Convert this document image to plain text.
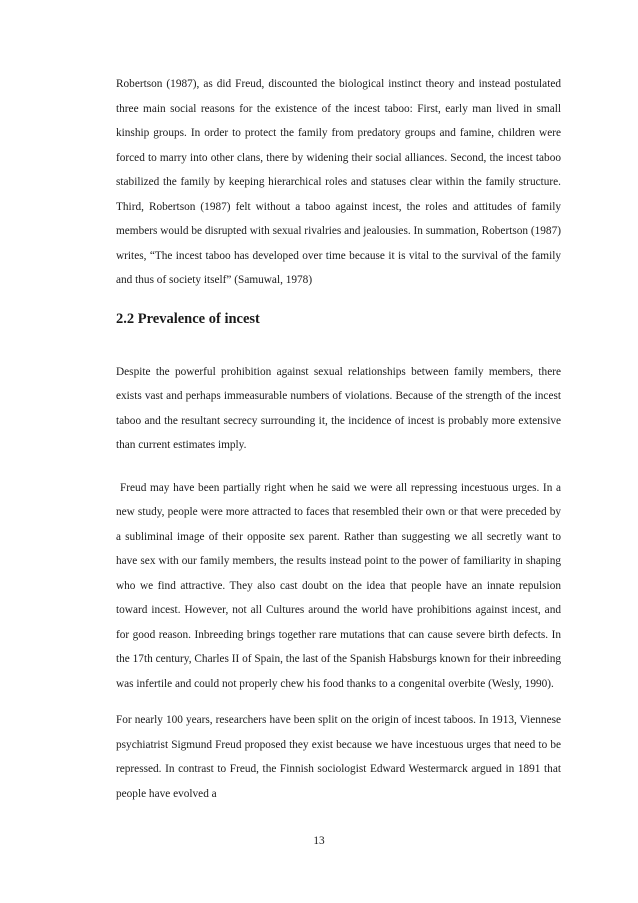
Robertson (1987), as did Freud, discounted the biological instinct theory and instead postulated three main social reasons for the existence of the incest taboo: First, early man lived in small kinship groups. In order to protect the family from predatory groups and famine, children were forced to marry into other clans, there by widening their social alliances. Second, the incest taboo stabilized the family by keeping hierarchical roles and statuses clear within the family structure. Third, Robertson (1987) felt without a taboo against incest, the roles and attitudes of family members would be disrupted with sexual rivalries and jealousies. In summation, Robertson (1987) writes, “The incest taboo has developed over time because it is vital to the survival of the family and thus of society itself” (Samuwal, 1978)

2.2 Prevalence of incest

Despite the powerful prohibition against sexual relationships between family members, there exists vast and perhaps immeasurable numbers of violations. Because of the strength of the incest taboo and the resultant secrecy surrounding it, the incidence of incest is probably more extensive than current estimates imply.

Freud may have been partially right when he said we were all repressing incestuous urges. In a new study, people were more attracted to faces that resembled their own or that were preceded by a subliminal image of their opposite sex parent. Rather than suggesting we all secretly want to have sex with our family members, the results instead point to the power of familiarity in shaping who we find attractive. They also cast doubt on the idea that people have an innate repulsion toward incest. However, not all Cultures around the world have prohibitions against incest, and for good reason. Inbreeding brings together rare mutations that can cause severe birth defects. In the 17th century, Charles II of Spain, the last of the Spanish Habsburgs known for their inbreeding was infertile and could not properly chew his food thanks to a congenital overbite (Wesly, 1990).

For nearly 100 years, researchers have been split on the origin of incest taboos. In 1913, Viennese psychiatrist Sigmund Freud proposed they exist because we have incestuous urges that need to be repressed. In contrast to Freud, the Finnish sociologist Edward Westermarck argued in 1891 that people have evolved a

13
